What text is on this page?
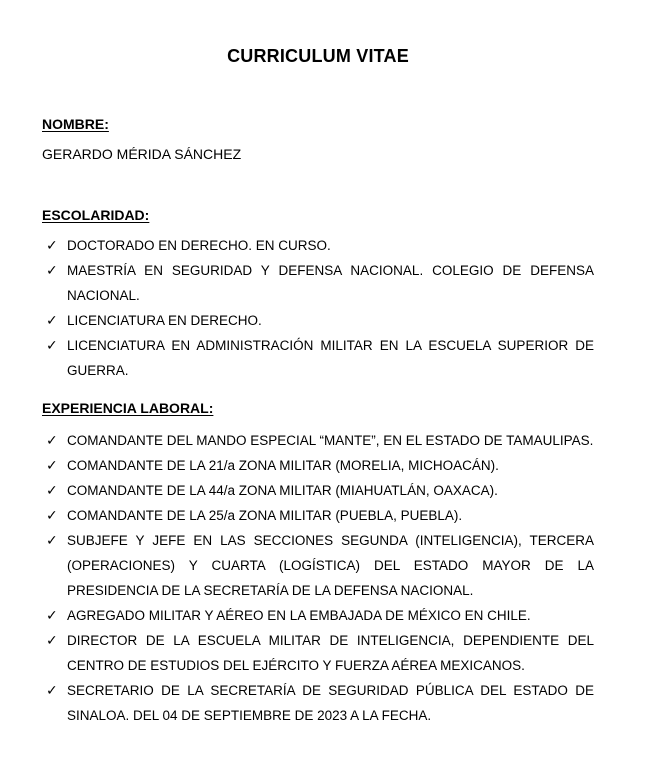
CURRICULUM VITAE
NOMBRE:
GERARDO MÉRIDA SÁNCHEZ
ESCOLARIDAD:
✓ DOCTORADO EN DERECHO. EN CURSO.
✓ MAESTRÍA EN SEGURIDAD Y DEFENSA NACIONAL. COLEGIO DE DEFENSA NACIONAL.
✓ LICENCIATURA EN DERECHO.
✓ LICENCIATURA EN ADMINISTRACIÓN MILITAR EN LA ESCUELA SUPERIOR DE GUERRA.
EXPERIENCIA LABORAL:
✓ COMANDANTE DEL MANDO ESPECIAL “MANTE”, EN EL ESTADO DE TAMAULIPAS.
✓ COMANDANTE DE LA 21/a ZONA MILITAR (MORELIA, MICHOACÁN).
✓ COMANDANTE DE LA 44/a ZONA MILITAR (MIAHUATLÁN, OAXACA).
✓ COMANDANTE DE LA 25/a ZONA MILITAR (PUEBLA, PUEBLA).
✓ SUBJEFE Y JEFE EN LAS SECCIONES SEGUNDA (INTELIGENCIA), TERCERA (OPERACIONES) Y CUARTA (LOGÍSTICA) DEL ESTADO MAYOR DE LA PRESIDENCIA DE LA SECRETARÍA DE LA DEFENSA NACIONAL.
✓ AGREGADO MILITAR Y AÉREO EN LA EMBAJADA DE MÉXICO EN CHILE.
✓ DIRECTOR DE LA ESCUELA MILITAR DE INTELIGENCIA, DEPENDIENTE DEL CENTRO DE ESTUDIOS DEL EJÉRCITO Y FUERZA AÉREA MEXICANOS.
✓ SECRETARIO DE LA SECRETARÍA DE SEGURIDAD PÚBLICA DEL ESTADO DE SINALOA. DEL 04 DE SEPTIEMBRE DE 2023 A LA FECHA.
